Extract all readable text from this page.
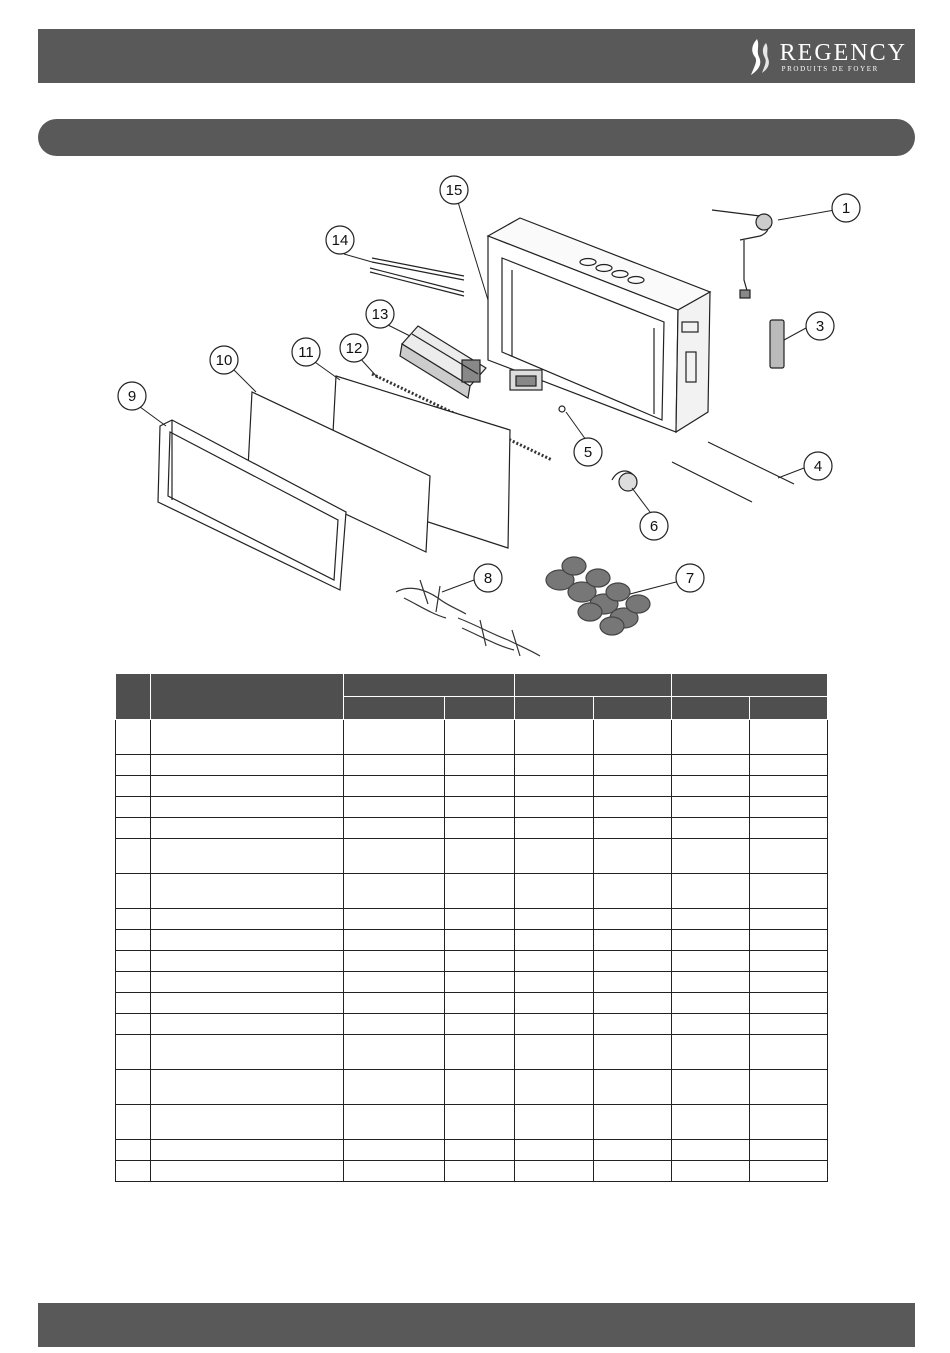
REGENCY
PRODUITS DE FOYER
3
4
5
6
7
8
9
10	11 12
13
14
15
1
